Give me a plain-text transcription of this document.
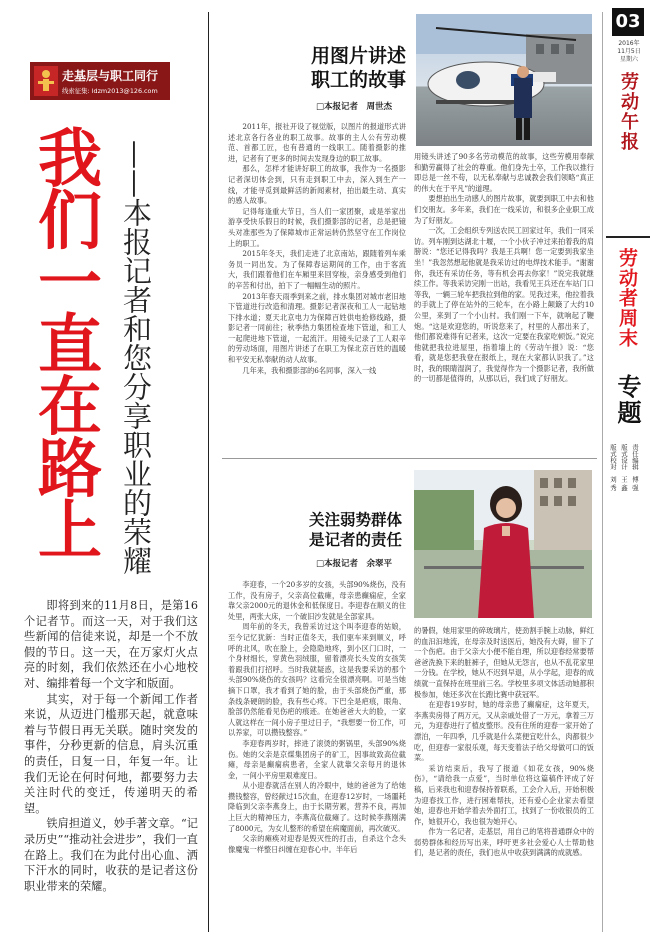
走基层与职工同行
线索征集: ldzm2013@126.com
我
们
一
直
在
路
上 ——本报记者和您分享职业的荣耀

即将到来的11月8日，是第16个记者节。而这一天，对于我们这些新闻的信徒来说，却是一个不放假的节日。这一天，在万家灯火点亮的时刻，我们依然还在小心地校对、编排着每一个文字和版面。

其实，对于每一个新闻工作者来说，从迈进门槛那天起，就意味着与节假日再无关联。随时突发的事件，分秒更新的信息，肩头沉重的责任，日复一日，年复一年。让我们无论在何时何地，都要努力去关注时代的变迁，传递明天的希望。

铁肩担道义，妙手著文章。“记录历史”“推动社会进步”，我们一直在路上。我们在为此付出心血、洒下汗水的同时，收获的是记者这份职业带来的荣耀。

用图片讲述
职工的故事
□本报记者　周世杰

2011年，报社开设了视觉版，以图片的报道形式讲述北京各行各业的职工故事。故事的主人公有劳动模范、首都工匠，也有普通的一线职工。随着摄影的推进，记者有了更多的时间去发现身边的职工故事。

那么，怎样才能讲好职工的故事，我作为一名摄影记者深切体会到，只有走到职工中去，深入到生产一线，才能寻觅到最鲜活的新闻素材，拍出最生动、真实的感人故事。

记得每逢重大节日，当人们一家团聚，或是举家出游享受快乐假日的时候，我们摄影部的记者，总是把镜头对准那些为了保障城市正常运转仍然坚守在工作岗位上的职工。

2015年冬天，我们走进了北京南站，跟随着列车乘务员一同出发。为了保障春运期间的工作，由于客流大，我们跟着他们在车厢里来回穿梭，亲身感受到他们的辛苦和付出，拍下了一幅幅生动的照片。

2013年春天雨季到来之前，排水集团对城市老旧地下管道进行改造和清理。摄影记者深夜和工人一起钻地下排水道；夏天北京电力为保障百姓供电抢修线路，摄影记者一同前往；秋季热力集团检查地下管道，和工人一起爬进地下管道，一起流汗。用镜头记录了工人艰辛的劳动场面，用图片讲述了在职工为保北京百姓的温暖和平安无私奉献的动人故事。

几年来，我和摄影部的6名同事，深入一线

用镜头讲述了90多名劳动模范的故事，这些劳模用奉献和勤劳赢得了社会的尊重。他们身先士卒，工作我以推行即总是一丝不苟，以无私奉献与忠诚教会我们领略“真正的伟大在于平凡”的道理。

要想拍出生动感人的图片故事，就要到职工中去和他们交朋友。多年来，我们在一线采访，和很多企业职工成为了好朋友。

一次，工会组织专列送农民工回家过年，我们一同采访。列车刚到达湖北十堰，一个小伙子冲过来拍着我的肩膀说：“您还记得我吗？我是王兵啊！您一定要到我家坐坐！”我忽然想起他就是我采访过的电焊技术能手。“谢谢你，我还有采访任务，等有机会再去你家！”说完我就继续工作。等我采访完刚一出站，我看见王兵还在车站门口等我，一辆三轮车把我拉到他的家。见我过来，他拉着我的手就上了停在站外的三轮车，在小路上颠簸了大约10公里，来到了一个小山村。我们刚一下车，就响起了鞭炮。“这是欢迎您的，听说您来了，村里的人都出来了，他们都说难得有记者来，这次一定要在我家吃顿饭。”说完他就把我拉进屋里，指着墙上的《劳动午报》说：“您看，就是您把我登在报纸上，现在大家都认识我了。”这时，我的眼睛湿润了，我觉得作为一个摄影记者，我所做的一切都是值得的，从那以后，我们成了好朋友。

关注弱势群体
是记者的责任
□本报记者　余翠平

李迎春，一个20多岁的女孩，头部90%烧伤，没有工作，没有房子，父亲高位截瘫，母亲患癫痫症，全家靠父亲2000元的退休金和低保度日。李迎春在顺义的住处里，两张大床，一个破旧沙发就是全部家具。

周年前的冬天，我曾采访过这个叫李迎春的姑娘，至今记忆犹新：当时正值冬天，我们驱车来到顺义，呼呼的北风，吹在脸上，会隐隐地疼，到小区门口时，一个身材细长，穿黄色羽绒服，留着漂亮长头发的女孩笑着跟我们打招呼。当时我就疑惑，这是我要采访的那个头部90%烧伤的女孩吗？这看完全很漂亮啊。可是当她摘下口罩，我才看到了她的脸，由于头部烧伤严重，那条线条硬朗的脸，我有些心疼。下巴全是疤痕，眼角、脸部仍然能看见伤疤的痕迹。在她爸爸大大的脸，一家人就这样在一间小房子里过日子，“我想要一份工作，可以养家，可以攒钱整容。”

李迎春两岁时，摔进了滚烫的粥锅里，头部90%烧伤。她的父亲是京煤集团房子的矿工，因事故致高位截瘫，母亲是癫痫病患者，全家人就靠父亲每月的退休金，一间小平房里艰难度日。

从小迎春就活在别人的冷眼中，她的爸爸为了给她攒钱整容，曾经献过15次血，在迎春12岁时，一场噩耗降临到父亲李燕身上，由于长期劳累，营养不良，再加上巨大的精神压力，李燕高位截瘫了。这时候李燕刚满了8000元，为女儿整形的希望在病魔面前，再次破灭。

父亲的瘫痪对迎春是毁灭性的打击，自杀这个念头像魔鬼一样整日纠缠在迎春心中。半年后

的暑假，她用家里的碎玻璃片，使劲割手腕上动脉，鲜红的血汩汩地流，在母亲及时送医后，她没有大碍，留下了一个伤疤。由于父亲大小便不能自理，所以迎春经常要帮爸爸洗换下来的脏裤子，但她从无怨言，也从不乱花家里一分钱。在学校，她从不迟到早退，从小学起，迎春的成绩就一直保持在班里前三名。学校里多项文体活动她都积极参加，她还多次在长跑比赛中获冠军。

在迎春19岁时，她的母亲患了癫痫症，这年夏天，李燕卖房得了两万元，又从亲戚处借了一万元，拿着三万元，为迎春进行了植皮整形。没有住所的迎春一家开始了漂泊，一年四季，几乎就是什么菜便宜吃什么，肉都很少吃，但迎春一家很乐观，每天变着法子给父母做可口的饭菜。

采访结束后，我写了报道《如花女孩，90%烧伤》，“请给我一点爱”，当时单位将这篇稿件评成了好稿，后来我也和迎春保持着联系，工会介入后，开始积极为迎春找工作，进行困难帮扶，还有爱心企业家去看望她，迎春也开始学着去外面打工，找到了一份收银员的工作，她很开心，我也很为她开心。

作为一名记者，走基层，用自己的笔将普通群众中的弱势群体和经历写出来，呼吁更多社会爱心人士帮助他们，是记者的责任，我们也从中收获到满满的成就感。

03
2016年
11月5日
星期六
劳动午报
劳动者周末
专题
责任编辑　傅 强
版式设计　王 鑫
版式校对　刘 秀
